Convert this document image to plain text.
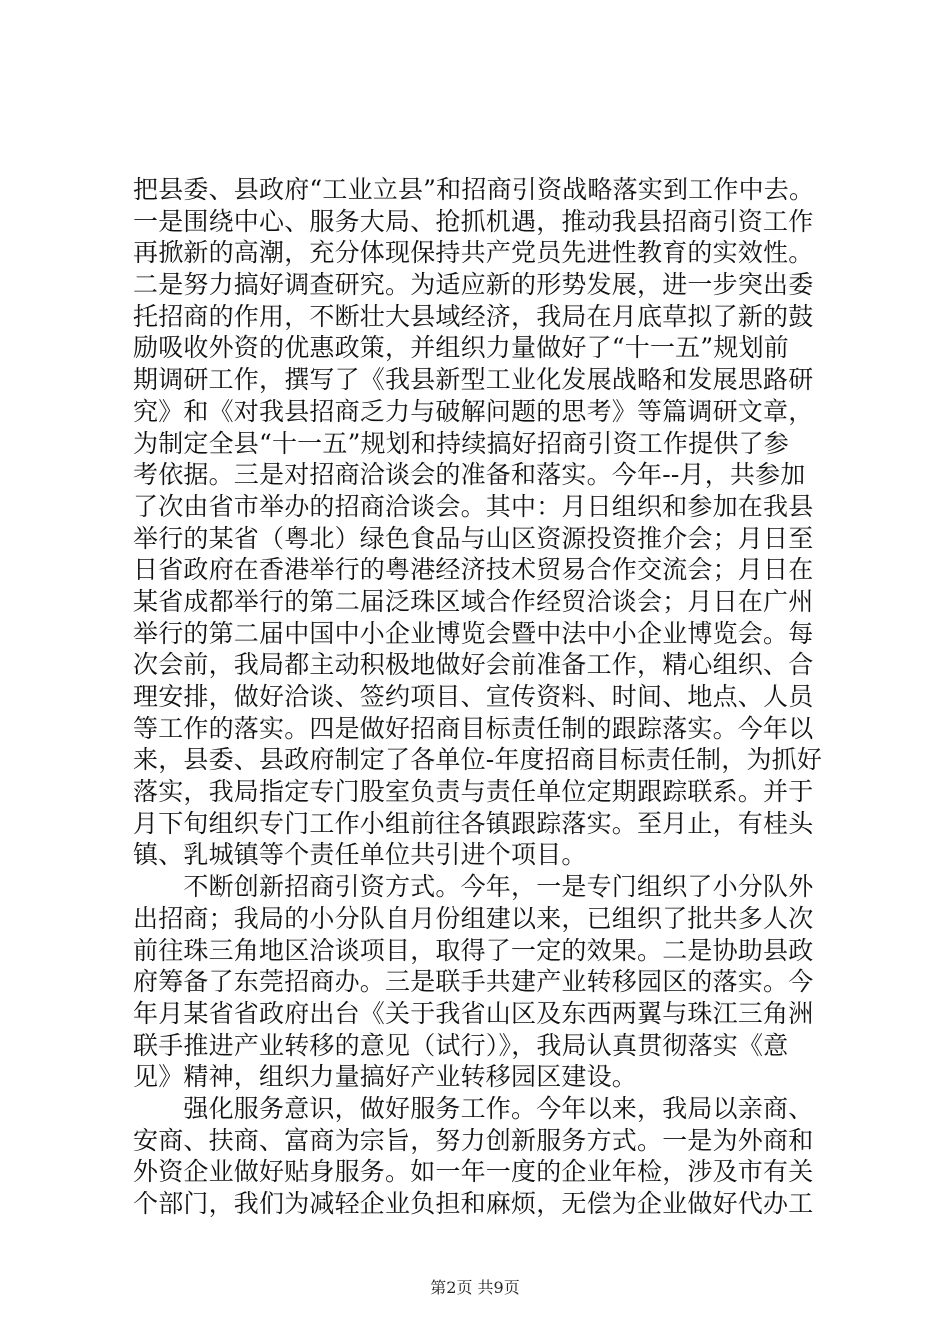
把县委、县政府“工业立县”和招商引资战略落实到工作中去。
一是围绕中心、服务大局、抢抓机遇，推动我县招商引资工作
再掀新的高潮，充分体现保持共产党员先进性教育的实效性。
二是努力搞好调查研究。为适应新的形势发展，进一步突出委
托招商的作用，不断壮大县域经济，我局在月底草拟了新的鼓
励吸收外资的优惠政策，并组织力量做好了“十一五”规划前
期调研工作，撰写了《我县新型工业化发展战略和发展思路研
究》和《对我县招商乏力与破解问题的思考》等篇调研文章，
为制定全县“十一五”规划和持续搞好招商引资工作提供了参
考依据。三是对招商洽谈会的准备和落实。今年--月，共参加
了次由省市举办的招商洽谈会。其中：月日组织和参加在我县
举行的某省（粤北）绿色食品与山区资源投资推介会；月日至
日省政府在香港举行的粤港经济技术贸易合作交流会；月日在
某省成都举行的第二届泛珠区域合作经贸洽谈会；月日在广州
举行的第二届中国中小企业博览会暨中法中小企业博览会。每
次会前，我局都主动积极地做好会前准备工作，精心组织、合
理安排，做好洽谈、签约项目、宣传资料、时间、地点、人员
等工作的落实。四是做好招商目标责任制的跟踪落实。今年以
来，县委、县政府制定了各单位-年度招商目标责任制，为抓好
落实，我局指定专门股室负责与责任单位定期跟踪联系。并于
月下旬组织专门工作小组前往各镇跟踪落实。至月止，有桂头
镇、乳城镇等个责任单位共引进个项目。
　　不断创新招商引资方式。今年，一是专门组织了小分队外
出招商；我局的小分队自月份组建以来，已组织了批共多人次
前往珠三角地区洽谈项目，取得了一定的效果。二是协助县政
府筹备了东莞招商办。三是联手共建产业转移园区的落实。今
年月某省省政府出台《关于我省山区及东西两翼与珠江三角洲
联手推进产业转移的意见（试行）》，我局认真贯彻落实《意
见》精神，组织力量搞好产业转移园区建设。
　　强化服务意识，做好服务工作。今年以来，我局以亲商、
安商、扶商、富商为宗旨，努力创新服务方式。一是为外商和
外资企业做好贴身服务。如一年一度的企业年检，涉及市有关
个部门，我们为减轻企业负担和麻烦，无偿为企业做好代办工
第2页 共9页
